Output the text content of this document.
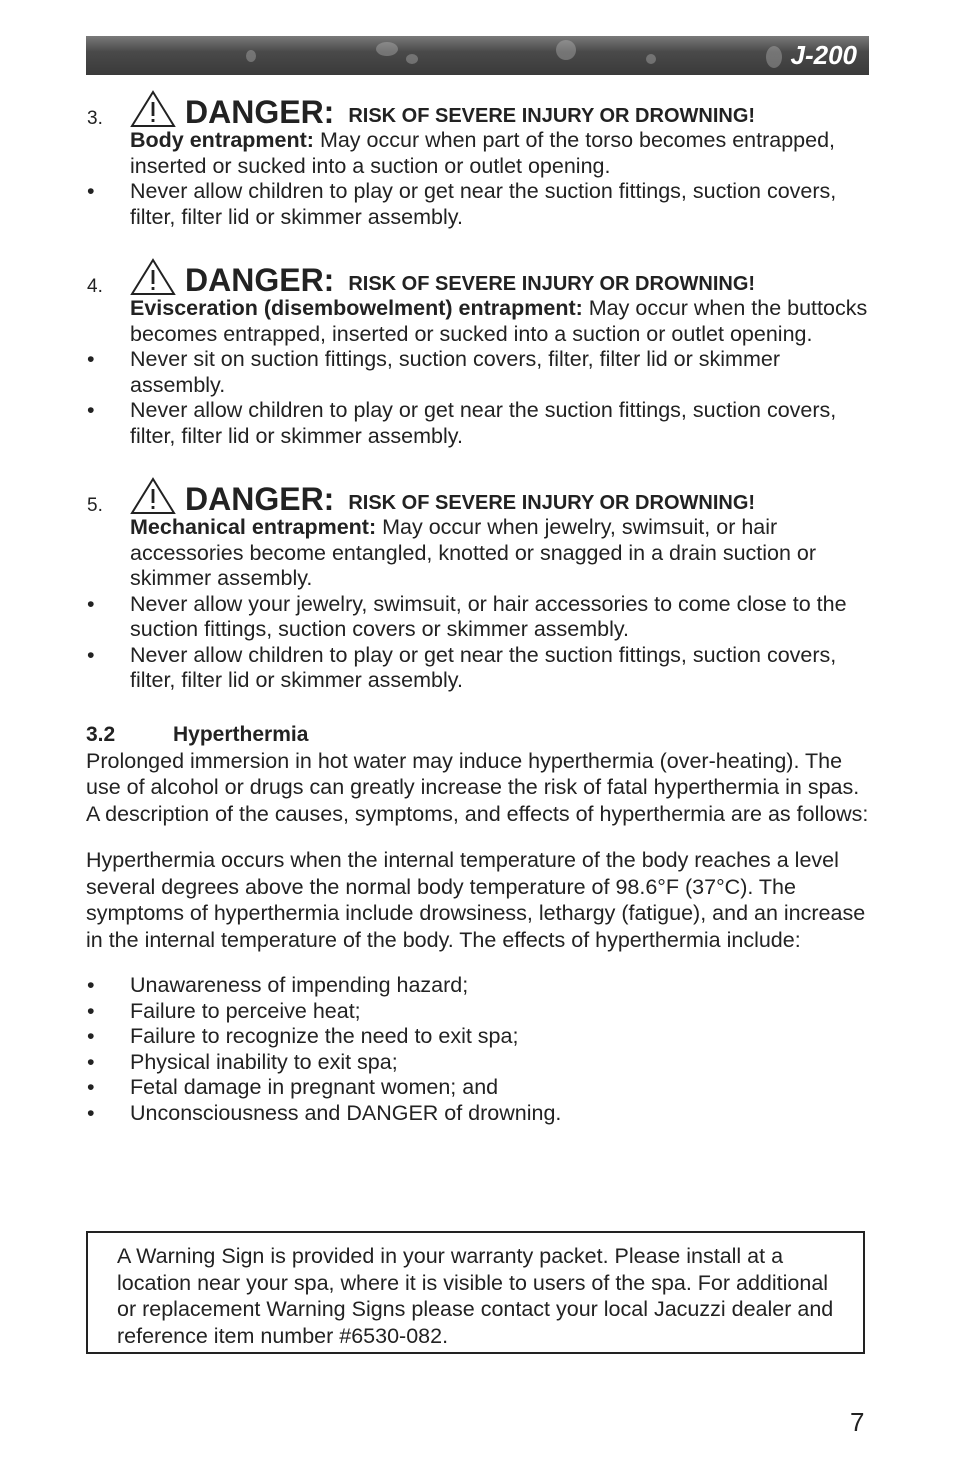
J-200
3.	DANGER: RISK OF SEVERE INJURY OR DROWNING!
Body entrapment: May occur when part of the torso becomes entrapped, inserted or sucked into a suction or outlet opening.
• Never allow children to play or get near the suction fittings, suction covers, filter, filter lid or skimmer assembly.
4.	DANGER: RISK OF SEVERE INJURY OR DROWNING!
Evisceration (disembowelment) entrapment: May occur when the buttocks becomes entrapped, inserted or sucked into a suction or outlet opening.
• Never sit on suction fittings, suction covers, filter, filter lid or skimmer assembly.
• Never allow children to play or get near the suction fittings, suction covers, filter, filter lid or skimmer assembly.
5.	DANGER: RISK OF SEVERE INJURY OR DROWNING!
Mechanical entrapment: May occur when jewelry, swimsuit, or hair accessories become entangled, knotted or snagged in a drain suction or skimmer assembly.
• Never allow your jewelry, swimsuit, or hair accessories to come close to the suction fittings, suction covers or skimmer assembly.
• Never allow children to play or get near the suction fittings, suction covers, filter, filter lid or skimmer assembly.
3.2	Hyperthermia
Prolonged immersion in hot water may induce hyperthermia (over-heating). The use of alcohol or drugs can greatly increase the risk of fatal hyperthermia in spas. A description of the causes, symptoms, and effects of hyperthermia are as follows:
Hyperthermia occurs when the internal temperature of the body reaches a level several degrees above the normal body temperature of 98.6°F (37°C). The symptoms of hyperthermia include drowsiness, lethargy (fatigue), and an increase in the internal temperature of the body. The effects of hyperthermia include:
• Unawareness of impending hazard;
• Failure to perceive heat;
• Failure to recognize the need to exit spa;
• Physical inability to exit spa;
• Fetal damage in pregnant women; and
• Unconsciousness and DANGER of drowning.
A Warning Sign is provided in your warranty packet. Please install at a location near your spa, where it is visible to users of the spa. For additional or replacement Warning Signs please contact your local Jacuzzi dealer and reference item number #6530-082.
7
